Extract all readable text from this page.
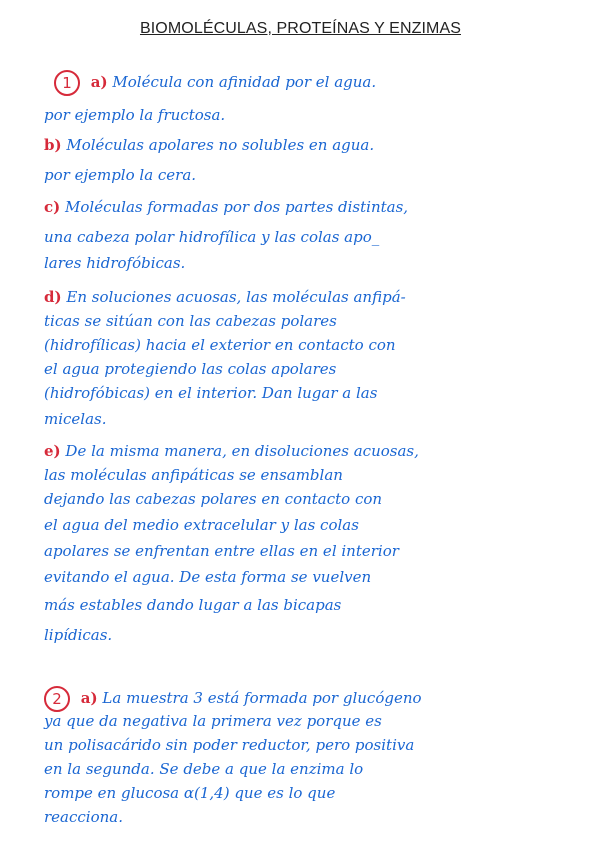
BIOMOLÉCULAS, PROTEÍNAS Y ENZIMAS
1 a) Molécula con afinidad por el agua.
por ejemplo la fructosa.
b) Moléculas apolares no solubles en agua.
por ejemplo la cera.
c) Moléculas formadas por dos partes distintas,
una cabeza polar hidrofílica y las colas apo_
lares hidrofóbicas.
d) En soluciones acuosas, las moléculas anfipá-
ticas se sitúan con las cabezas polares
(hidrofílicas) hacia el exterior en contacto con
el agua protegiendo las colas apolares
(hidrofóbicas) en el interior. Dan lugar a las
micelas.
e) De la misma manera, en disoluciones acuosas,
las moléculas anfipáticas se ensamblan
dejando las cabezas polares en contacto con
el agua del medio extracelular y las colas
apolares se enfrentan entre ellas en el interior
evitando el agua. De esta forma se vuelven
más estables dando lugar a las bicapas
lipídicas.
2 a) La muestra 3 está formada por glucógeno
ya que da negativa la primera vez porque es
un polisacárido sin poder reductor, pero positiva
en la segunda. Se debe a que la enzima lo
rompe en glucosa α(1,4) que es lo que
reacciona.
